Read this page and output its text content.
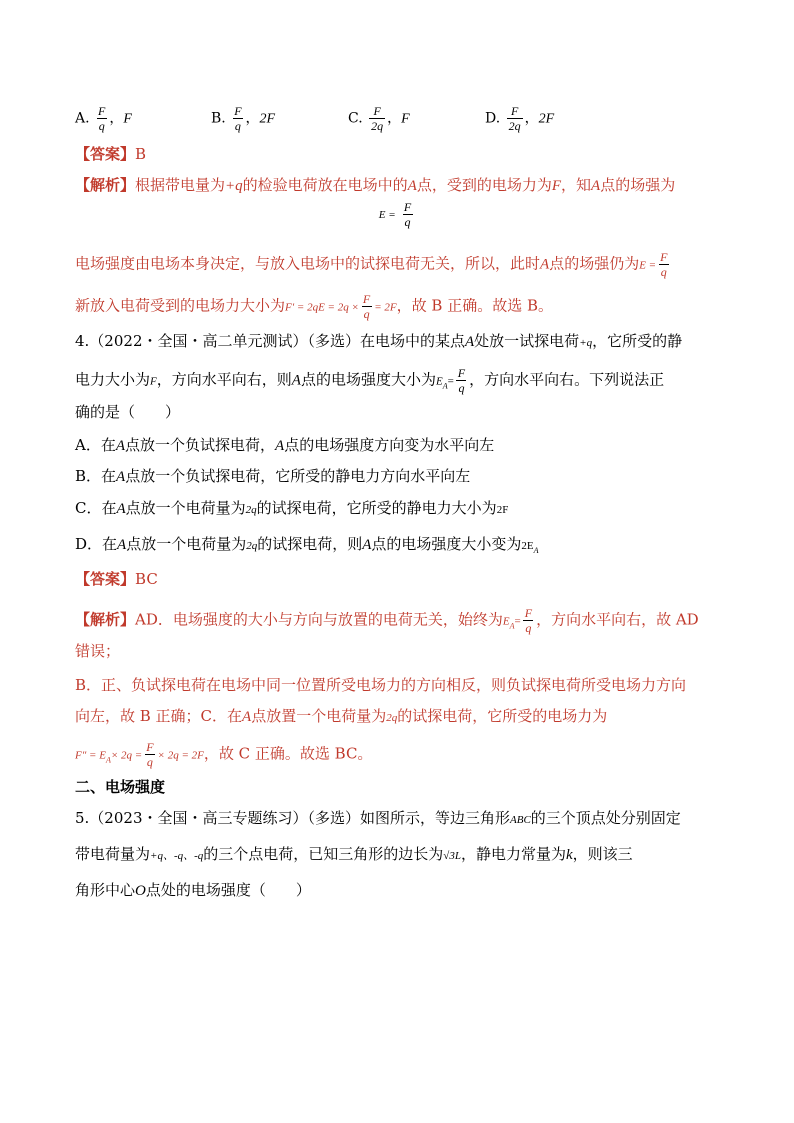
A. $\frac{F}{q}$ ，F	B. $\frac{F}{q}$ ，2F	C. $\frac{F}{2q}$ ，F	D. $\frac{F}{2q}$ ，2F
【答案】B
【解析】根据带电量为+q的检验电荷放在电场中的A点，受到的电场力为F，知A点的场强为
$E = \frac{F}{q}$
电场强度由电场本身决定，与放入电场中的试探电荷无关，所以，此时A点的场强仍为$E = \frac{F}{q}$
新放入电荷受到的电场力大小为$F' = 2qE = 2q \times \frac{F}{q} = 2F$，故 B 正确。故选 B。
4.（2022・全国・高二单元测试）（多选）在电场中的某点A处放一试探电荷+q，它所受的静
电力大小为F，方向水平向右，则A点的电场强度大小为$E_A= \frac{F}{q}$ ，方向水平向右。下列说法正
确的是（　　）
A．在A点放一个负试探电荷，A点的电场强度方向变为水平向左
B．在A点放一个负试探电荷，它所受的静电力方向水平向左
C．在A点放一个电荷量为2q的试探电荷，它所受的静电力大小为2F
D．在A点放一个电荷量为2q的试探电荷，则A点的电场强度大小变为$2E_A$
【答案】BC
【解析】AD．电场强度的大小与方向与放置的电荷无关，始终为$E_A= \frac{F}{q}$ ，方向水平向右，故 AD
错误；
B．正、负试探电荷在电场中同一位置所受电场力的方向相反，则负试探电荷所受电场力方向
向左，故 B 正确；C．在A点放置一个电荷量为2q的试探电荷，它所受的电场力为
$F'' = E_A\times 2q = \frac{F}{q} \times 2q = 2F$，故 C 正确。故选 BC。
二、电场强度
5.（2023・全国・高三专题练习）（多选）如图所示，等边三角形ABC的三个顶点处分别固定
带电荷量为+q、-q、-q的三个点电荷，已知三角形的边长为√3L，静电力常量为k，则该三
角形中心O点处的电场强度（　　）
